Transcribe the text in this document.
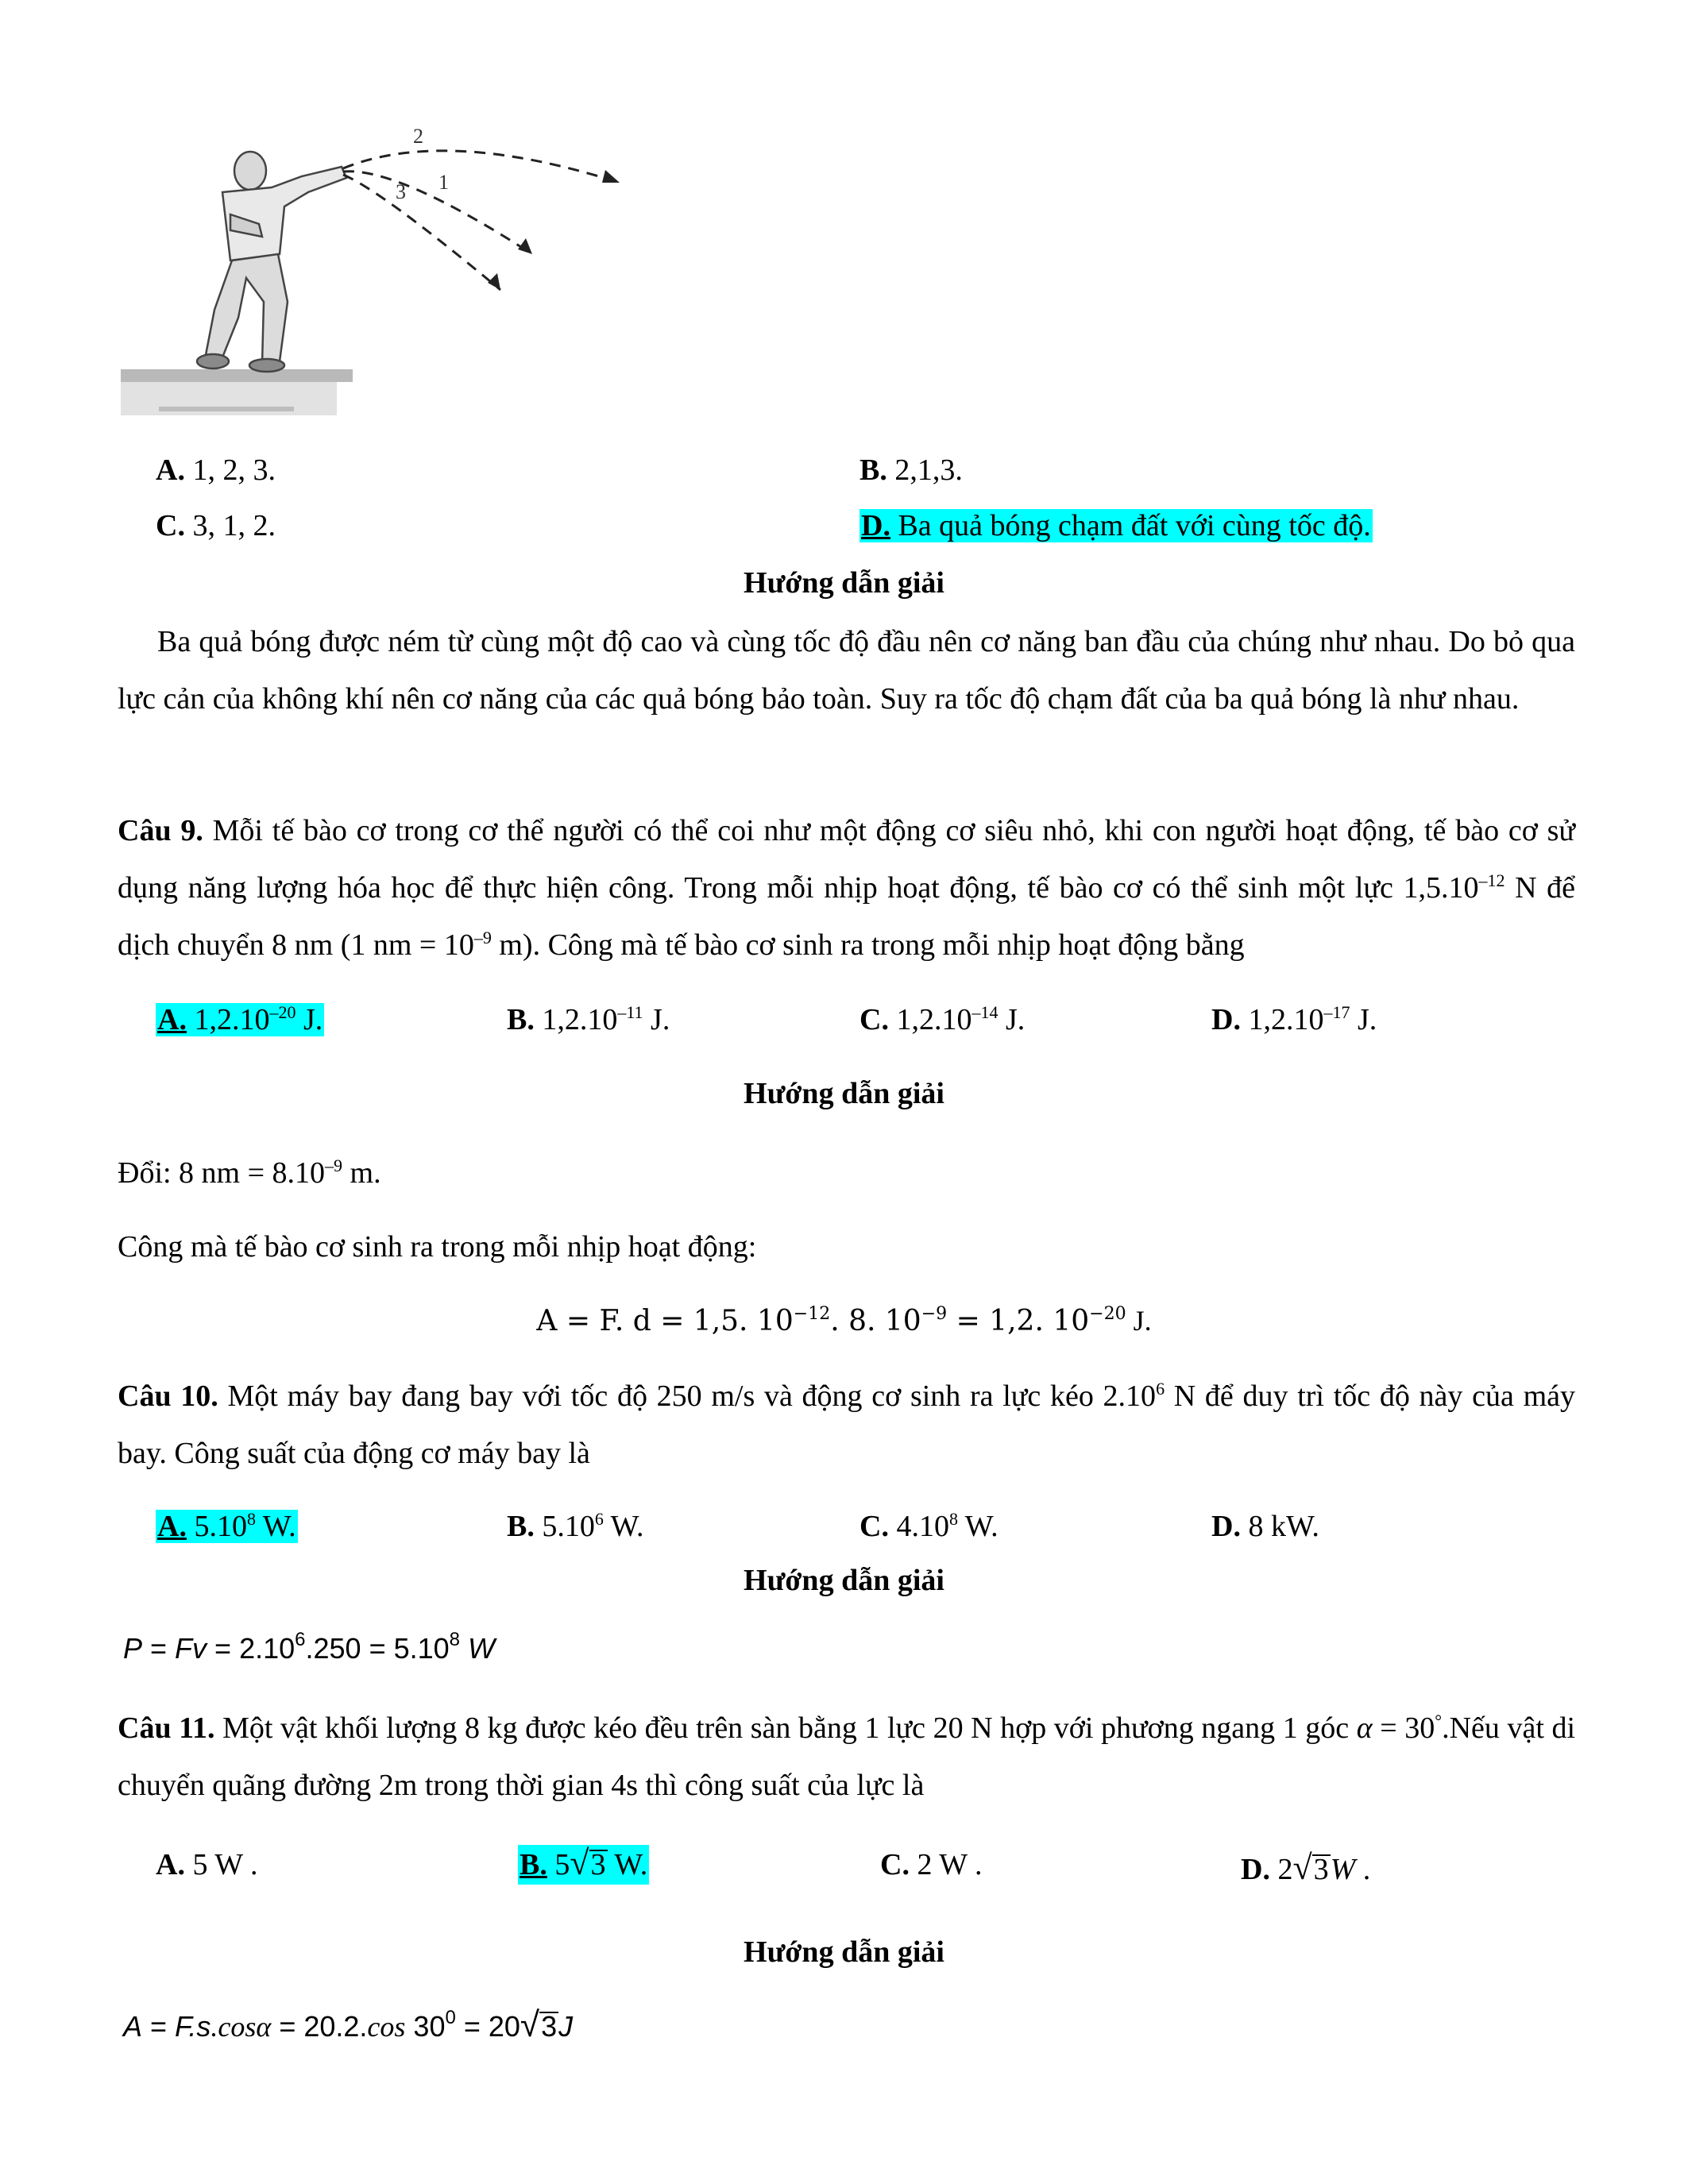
2
1
3
A. 1, 2, 3.	B. 2,1,3.
C. 3, 1, 2.	D. Ba quả bóng chạm đất với cùng tốc độ.
Hướng dẫn giải
Ba quả bóng được ném từ cùng một độ cao và cùng tốc độ đầu nên cơ năng ban đầu của chúng như nhau. Do bỏ qua lực cản của không khí nên cơ năng của các quả bóng bảo toàn. Suy ra tốc độ chạm đất của ba quả bóng là như nhau.
Câu 9. Mỗi tế bào cơ trong cơ thể người có thể coi như một động cơ siêu nhỏ, khi con người hoạt động, tế bào cơ sử dụng năng lượng hóa học để thực hiện công. Trong mỗi nhịp hoạt động, tế bào cơ có thể sinh một lực $1,5.10^{-12}$ N để dịch chuyển 8 nm (1 nm = $10^{-9}$ m). Công mà tế bào cơ sinh ra trong mỗi nhịp hoạt động bằng
A. $1,2.10^{-20}$ J.	B. $1,2.10^{-11}$ J.	C. $1,2.10^{-14}$ J.	D. $1,2.10^{-17}$ J.
Hướng dẫn giải
Đổi: 8 nm = $8.10^{-9}$ m.
Công mà tế bào cơ sinh ra trong mỗi nhịp hoạt động:
A = F. d = 1,5. $10^{-12}$. 8. $10^{-9} = 1,2$. $10^{-20}$ J.
Câu 10. Một máy bay đang bay với tốc độ 250 m/s và động cơ sinh ra lực kéo 2.10$^6$ N để duy trì tốc độ này của máy bay. Công suất của động cơ máy bay là
A. 5.10$^8$ W.	B. 5.10$^6$ W.	C. 4.10$^8$ W.	D. 8 kW.
Hướng dẫn giải
$P = Fv = 2.10^6.250 = 5.10^8$ W
Câu 11. Một vật khối lượng 8 kg được kéo đều trên sàn bằng 1 lực 20 N hợp với phương ngang 1 góc α = 30°.Nếu vật di chuyển quãng đường 2m trong thời gian 4s thì công suất của lực là
A. 5 W .	B. 5√3 W.	C. 2 W .	D. 2√3W .
Hướng dẫn giải
A = F.s.cosα = 20.2.cos $30^0 = 20√3J$
